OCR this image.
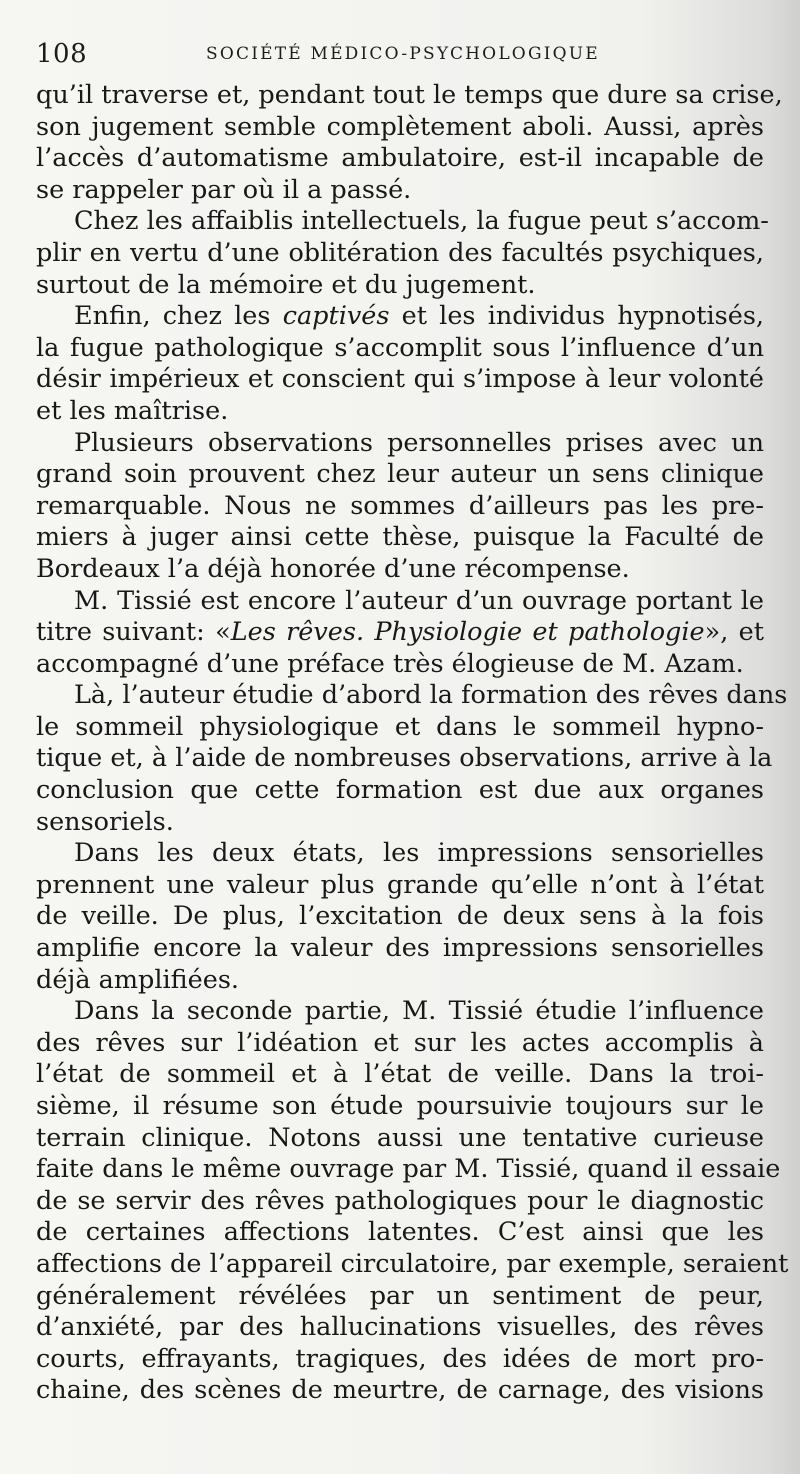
108	SOCIÉTÉ MÉDICO-PSYCHOLOGIQUE
qu’il traverse et, pendant tout le temps que dure sa crise,
son jugement semble complètement aboli. Aussi, après
l’accès d’automatisme ambulatoire, est-il incapable de
se rappeler par où il a passé.
Chez les affaiblis intellectuels, la fugue peut s’accom-
plir en vertu d’une oblitération des facultés psychiques,
surtout de la mémoire et du jugement.
Enfin, chez les captivés et les individus hypnotisés,
la fugue pathologique s’accomplit sous l’influence d’un
désir impérieux et conscient qui s’impose à leur volonté
et les maîtrise.
Plusieurs observations personnelles prises avec un
grand soin prouvent chez leur auteur un sens clinique
remarquable. Nous ne sommes d’ailleurs pas les pre-
miers à juger ainsi cette thèse, puisque la Faculté de
Bordeaux l’a déjà honorée d’une récompense.
M. Tissié est encore l’auteur d’un ouvrage portant le
titre suivant: «Les rêves. Physiologie et pathologie», et
accompagné d’une préface très élogieuse de M. Azam.
Là, l’auteur étudie d’abord la formation des rêves dans
le sommeil physiologique et dans le sommeil hypno-
tique et, à l’aide de nombreuses observations, arrive à la
conclusion que cette formation est due aux organes
sensoriels.
Dans les deux états, les impressions sensorielles
prennent une valeur plus grande qu’elle n’ont à l’état
de veille. De plus, l’excitation de deux sens à la fois
amplifie encore la valeur des impressions sensorielles
déjà amplifiées.
Dans la seconde partie, M. Tissié étudie l’influence
des rêves sur l’idéation et sur les actes accomplis à
l’état de sommeil et à l’état de veille. Dans la troi-
sième, il résume son étude poursuivie toujours sur le
terrain clinique. Notons aussi une tentative curieuse
faite dans le même ouvrage par M. Tissié, quand il essaie
de se servir des rêves pathologiques pour le diagnostic
de certaines affections latentes. C’est ainsi que les
affections de l’appareil circulatoire, par exemple, seraient
généralement révélées par un sentiment de peur,
d’anxiété, par des hallucinations visuelles, des rêves
courts, effrayants, tragiques, des idées de mort pro-
chaine, des scènes de meurtre, de carnage, des visions
